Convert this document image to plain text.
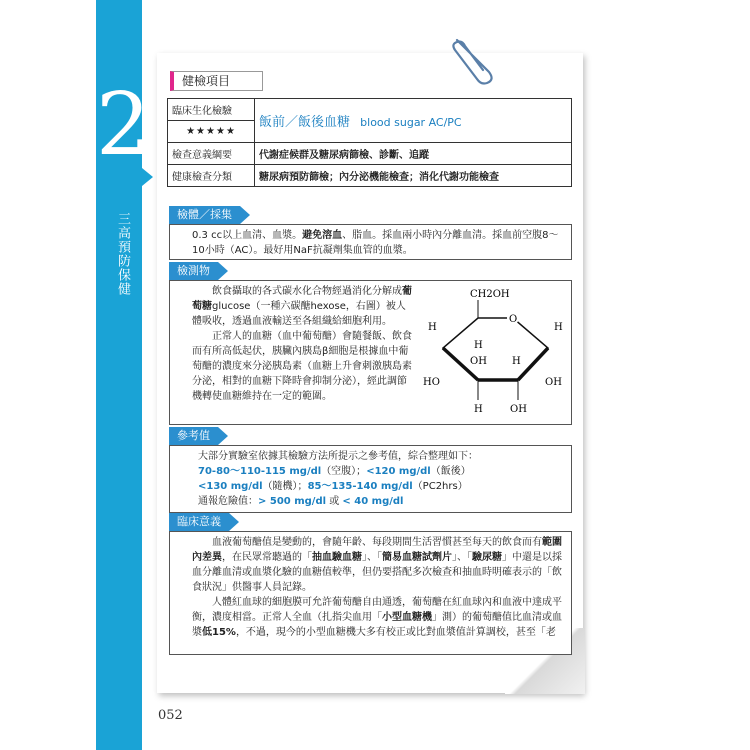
2
三高預防保健
健檢項目
臨床生化檢驗	飯前／飯後血糖 blood sugar AC/PC
★★★★★	
檢查意義綱要	代謝症候群及糖尿病篩檢、診斷、追蹤
健康檢查分類	糖尿病預防篩檢；內分泌機能檢查；消化代謝功能檢查
檢體／採集

0.3 cc以上血清、血漿。避免溶血、脂血。採血兩小時內分離血清。採血前空腹8～10小時（AC）。最好用NaF抗凝劑集血管的血漿。

檢測物

飲食攝取的各式碳水化合物經過消化分解成葡萄糖glucose（一種六碳醣hexose，右圖）被人體吸收，透過血液輸送至各組織給細胞利用。

正常人的血糖（血中葡萄醣）會隨餐飯、飲食而有所高低起伏，胰臟內胰島β細胞是根據血中葡萄醣的濃度來分泌胰島素（血糖上升會刺激胰島素分泌，相對的血糖下降時會抑制分泌），經此調節機轉使血糖維持在一定的範圍。

CH2OH
O
H	H
H
OH	H
HO	OH
H	OH
參考值

大部分實驗室依據其檢驗方法所提示之參考值，綜合整理如下：

70-80～110-115 mg/dl（空腹）；<120 mg/dl（飯後）

<130 mg/dl（隨機）；85～135-140 mg/dl（PC2hrs）

通報危險值：> 500 mg/dl 或 < 40 mg/dl

臨床意義

血液葡萄醣值是變動的，會隨年齡、每段期間生活習慣甚至每天的飲食而有範圍內差異，在民眾常聽過的「抽血驗血糖」、「簡易血糖試劑片」、「驗尿糖」中還是以採血分離血清或血漿化驗的血糖值較準，但仍要搭配多次檢查和抽血時明確表示的「飲食狀況」供醫事人員記錄。

人體紅血球的細胞膜可允許葡萄醣自由通透，葡萄醣在紅血球內和血液中達成平衡，濃度相當。正常人全血（扎指尖血用「小型血糖機」測）的葡萄醣值比血清或血漿低15%，不過，現今的小型血糖機大多有校正或比對血漿值計算調校，甚至「老

052
